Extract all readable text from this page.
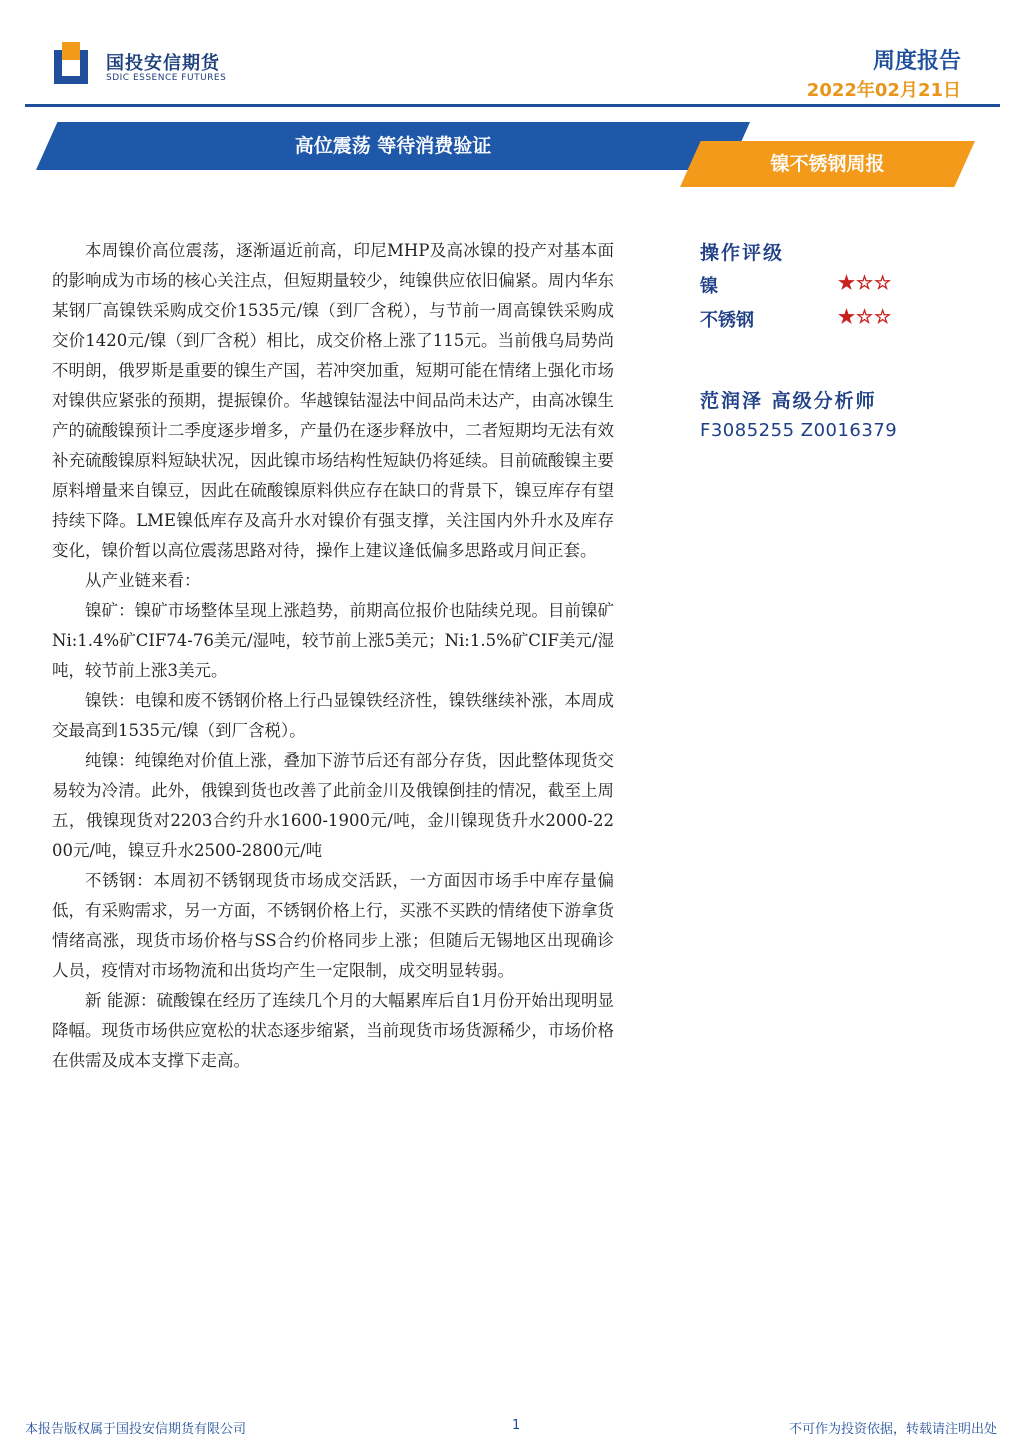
国投安信期货
SDIC ESSENCE FUTURES
周度报告
2022年02月21日
高位震荡 等待消费验证
镍不锈钢周报

本周镍价高位震荡，逐渐逼近前高，印尼MHP及高冰镍的投产对基本面的影响成为市场的核心关注点，但短期量较少，纯镍供应依旧偏紧。周内华东某钢厂高镍铁采购成交价1535元/镍（到厂含税），与节前一周高镍铁采购成交价1420元/镍（到厂含税）相比，成交价格上涨了115元。当前俄乌局势尚不明朗，俄罗斯是重要的镍生产国，若冲突加重，短期可能在情绪上强化市场对镍供应紧张的预期，提振镍价。华越镍钴湿法中间品尚未达产，由高冰镍生产的硫酸镍预计二季度逐步增多，产量仍在逐步释放中，二者短期均无法有效补充硫酸镍原料短缺状况，因此镍市场结构性短缺仍将延续。目前硫酸镍主要原料增量来自镍豆，因此在硫酸镍原料供应存在缺口的背景下，镍豆库存有望持续下降。LME镍低库存及高升水对镍价有强支撑，关注国内外升水及库存变化，镍价暂以高位震荡思路对待，操作上建议逢低偏多思路或月间正套。

从产业链来看：

镍矿：镍矿市场整体呈现上涨趋势，前期高位报价也陆续兑现。目前镍矿Ni:1.4%矿CIF74-76美元/湿吨，较节前上涨5美元；Ni:1.5%矿CIF美元/湿吨，较节前上涨3美元。

镍铁：电镍和废不锈钢价格上行凸显镍铁经济性，镍铁继续补涨，本周成交最高到1535元/镍（到厂含税）。

纯镍：纯镍绝对价值上涨，叠加下游节后还有部分存货，因此整体现货交易较为冷清。此外，俄镍到货也改善了此前金川及俄镍倒挂的情况，截至上周五，俄镍现货对2203合约升水1600-1900元/吨，金川镍现货升水2000-2200元/吨，镍豆升水2500-2800元/吨

不锈钢：本周初不锈钢现货市场成交活跃，一方面因市场手中库存量偏低，有采购需求，另一方面，不锈钢价格上行，买涨不买跌的情绪使下游拿货情绪高涨，现货市场价格与SS合约价格同步上涨；但随后无锡地区出现确诊人员，疫情对市场物流和出货均产生一定限制，成交明显转弱。

新 能源：硫酸镍在经历了连续几个月的大幅累库后自1月份开始出现明显降幅。现货市场供应宽松的状态逐步缩紧，当前现货市场货源稀少，市场价格在供需及成本支撑下走高。

操作评级
镍	★☆☆
不锈钢	★☆☆
范润泽 高级分析师
F3085255 Z0016379
本报告版权属于国投安信期货有限公司	1	不可作为投资依据，转载请注明出处
